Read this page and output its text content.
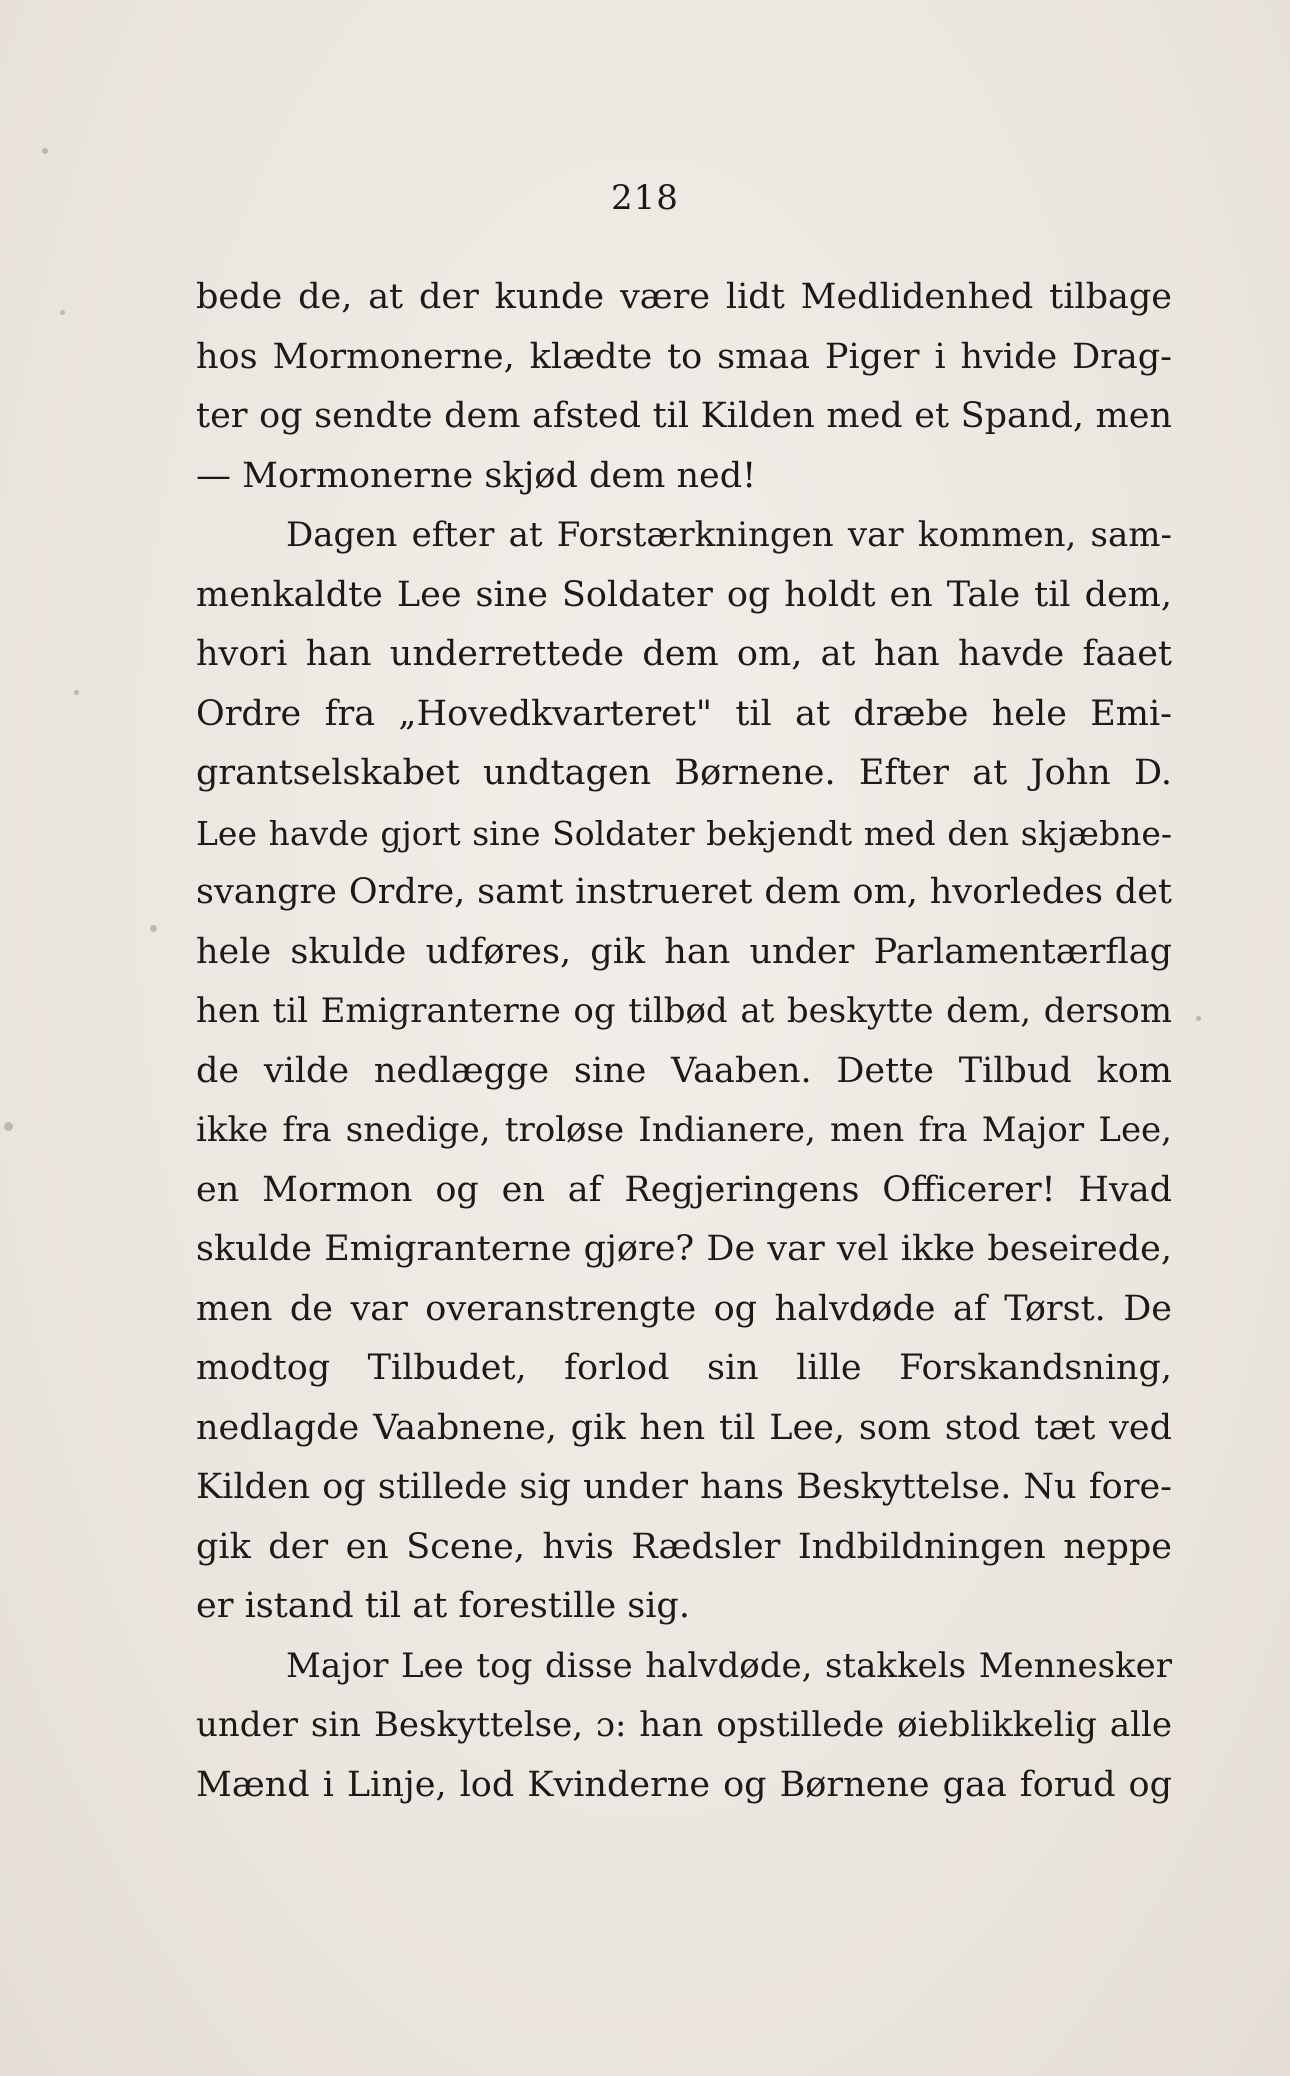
218
bede de, at der kunde være lidt Medlidenhed tilbage
hos Mormonerne, klædte to smaa Piger i hvide Drag-
ter og sendte dem afsted til Kilden med et Spand, men
— Mormonerne skjød dem ned!
Dagen efter at Forstærkningen var kommen, sam-
menkaldte Lee sine Soldater og holdt en Tale til dem,
hvori han underrettede dem om, at han havde faaet
Ordre fra „Hovedkvarteret" til at dræbe hele Emi-
grantselskabet undtagen Børnene. Efter at John D.
Lee havde gjort sine Soldater bekjendt med den skjæbne-
svangre Ordre, samt instrueret dem om, hvorledes det
hele skulde udføres, gik han under Parlamentærflag
hen til Emigranterne og tilbød at beskytte dem, dersom
de vilde nedlægge sine Vaaben. Dette Tilbud kom
ikke fra snedige, troløse Indianere, men fra Major Lee,
en Mormon og en af Regjeringens Officerer! Hvad
skulde Emigranterne gjøre? De var vel ikke beseirede,
men de var overanstrengte og halvdøde af Tørst. De
modtog Tilbudet, forlod sin lille Forskandsning,
nedlagde Vaabnene, gik hen til Lee, som stod tæt ved
Kilden og stillede sig under hans Beskyttelse. Nu fore-
gik der en Scene, hvis Rædsler Indbildningen neppe
er istand til at forestille sig.
Major Lee tog disse halvdøde, stakkels Mennesker
under sin Beskyttelse, ɔ: han opstillede øieblikkelig alle
Mænd i Linje, lod Kvinderne og Børnene gaa forud og
